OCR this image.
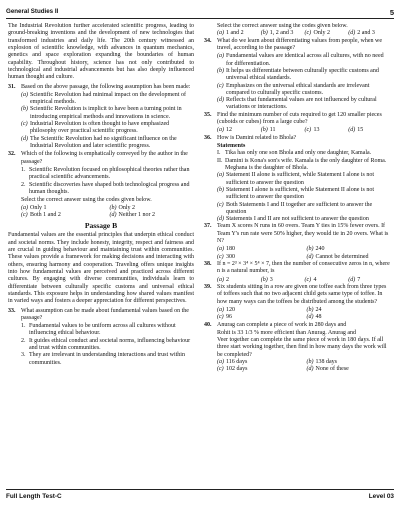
General Studies II	5

The Industrial Revolution further accelerated scientific progress, leading to ground-breaking inventions and the development of new technologies that transformed industries and daily life. The 20th century witnessed an explosion of scientific knowledge, with advances in quantum mechanics, genetics and space exploration expanding the boundaries of human capability. Throughout history, science has not only contributed to technological and industrial advancements but has also deeply influenced human thought and culture.

31. Based on the above passage, the following assumption has been made:
(a) Scientific Revolution had minimal impact on the development of empirical methods.
(b) Scientific Revolution is implicit to have been a turning point in introducing empirical methods and innovations in science.
(c) Industrial Revolution is often thought to have emphasized philosophy over practical scientific progress.
(d) The Scientific Revolution had no significant influence on the Industrial Revolution and later scientific progress.
32. Which of the following is emphatically conveyed by the author in the passage?
1. Scientific Revolution focused on philosophical theories rather than practical scientific advancements.
2. Scientific discoveries have shaped both technological progress and human thoughts.
Select the correct answer using the codes given below.
(a) Only 1	(b) Only 2
(c) Both 1 and 2	(d) Neither 1 nor 2
Passage B

Fundamental values are the essential principles that underpin ethical conduct and societal norms. They include honesty, integrity, respect and fairness and are crucial in guiding behaviour and maintaining trust within communities. These values provide a framework for making decisions and interacting with others, ensuring harmony and cooperation. Traveling offers unique insights into how fundamental values are perceived and practiced across different cultures. By engaging with diverse communities, individuals learn to differentiate between culturally specific customs and universal ethical standards. This exposure helps in understanding how shared values manifest in varied ways and fosters a deeper appreciation for different perspectives.

33. What assumption can be made about fundamental values based on the passage?
1. Fundamental values to be uniform across all cultures without influencing ethical behaviour.
2. It guides ethical conduct and societal norms, influencing behaviour and trust within communities.
3. They are irrelevant in understanding interactions and trust within communities.
Select the correct answer using the codes given below.
(a) 1 and 2	(b) 1, 2 and 3 (c) Only 2	(d) 2 and 3
34. What do we learn about differentiating values from people, when we travel, according to the passage?
(a) Fundamental values are identical across all cultures, with no need for differentiation.
(b) It helps us differentiate between culturally specific customs and universal ethical standards.
(c) Emphasizes on the universal ethical standards are irrelevant compared to culturally specific customs.
(d) Reflects that fundamental values are not influenced by cultural variations or interactions.
35. Find the minimum number of cuts required to get 120 smaller pieces (cuboids or cubes) from a large cube?
(a) 12	(b) 11	(c) 13	(d) 15
36. How is Damini related to Bhola?
Statements
I. Tika has only one son Bhola and only one daughter, Kamala.
II. Damini is Kona's son's wife. Kamala is the only daughter of Roma. Meghana is the daughter of Bhola.
(a) Statement II alone is sufficient, while Statement I alone is not sufficient to answer the question
(b) Statement I alone is sufficient, while Statement II alone is not sufficient to answer the question
(c) Both Statements I and II together are sufficient to answer the question
(d) Statements I and II are not sufficient to answer the question
37. Team X scores N runs in 60 overs. Team Y ties in 15% fewer overs. If Team Y's run rate were 50% higher, they would tie in 20 overs. What is N?
(a) 180	(b) 240
(c) 300	(d) Cannot be determined
38. If n = 2³ × 3⁴ × 5⁴ × 7, then the number of consecutive zeros in n, where n is a natural number, is
(a) 2	(b) 3	(c) 4	(d) 7
39. Six students sitting in a row are given one toffee each from three types of toffees such that no two adjacent child gets same type of toffee. In how many ways can the toffees be distributed among the students?
(a) 120	(b) 24
(c) 96	(d) 48
40. Anurag can complete a piece of work in 280 days and
Rohit is 33 1/3 % more efficient than Anurag. Anurag and
Veer together can complete the same piece of work in 180 days. If all three start working together, then find in how many days the work will be completed?
(a) 116 days	(b) 138 days
(c) 102 days	(d) None of these
Full Length Test-C	Level 03
